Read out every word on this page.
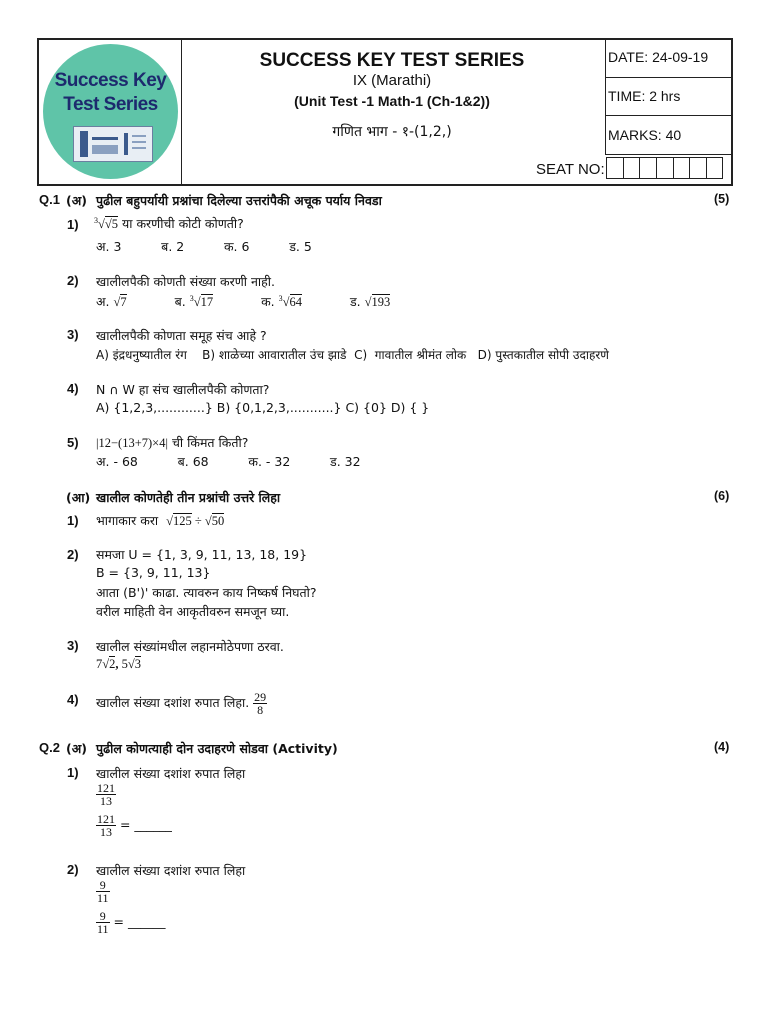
Success Key
Test Series
SUCCESS KEY TEST SERIES
IX (Marathi)
(Unit Test -1 Math-1 (Ch-1&2))
गणित भाग - १-(1,2,)
DATE: 24-09-19
TIME: 2 hrs
MARKS: 40
SEAT NO:
Q.1 (अ) पुढील बहुपर्यायी प्रश्नांचा दिलेल्या उत्तरांपैकी अचूक पर्याय निवडा	(5)
1) $^3$√√5 या करणीची कोटी कोणती?
अ. 3          ब. 2          क. 6          ड. 5
2) खालीलपैकी कोणती संख्या करणी नाही.
अ. √7	ब. $^3$√17	क. $^3$√64	ड. √193
3) खालीलपैकी कोणता समूह संच आहे ?
A) इंद्रधनुष्यातील रंग    B) शाळेच्या आवारातील उंच झाडे  C)  गावातील श्रीमंत लोक   D) पुस्तकातील सोपी उदाहरणे
4) N ∩ W हा संच खालीलपैकी कोणता?
A) {1,2,3,............} B) {0,1,2,3,...........} C) {0} D) { }
5) |12−(13+7)×4| ची किंमत किती?
अ. - 68          ब. 68          क. - 32          ड. 32
(आ) खालील कोणतेही तीन प्रश्नांची उत्तरे लिहा	(6)
1) भागाकार करा √125 ÷ √50
2) समजा U = {1, 3, 9, 11, 13, 18, 19}
B = {3, 9, 11, 13}
आता (B')' काढा. त्यावरुन काय निष्कर्ष निघतो?
वरील माहिती वेन आकृतीवरुन समजून घ्या.
3) खालील संख्यांमधील लहानमोठेपणा ठरवा.
7√2, 5√3
4) खालील संख्या दशांश रुपात लिहा. $\frac{29}{8}$
Q.2 (अ) पुढील कोणत्याही दोन उदाहरणे सोडवा (Activity)	(4)
1) खालील संख्या दशांश रुपात लिहा
$\frac{121}{13}$
$\frac{121}{13}$ = ______
2) खालील संख्या दशांश रुपात लिहा
$\frac{9}{11}$
$\frac{9}{11}$ = ______
